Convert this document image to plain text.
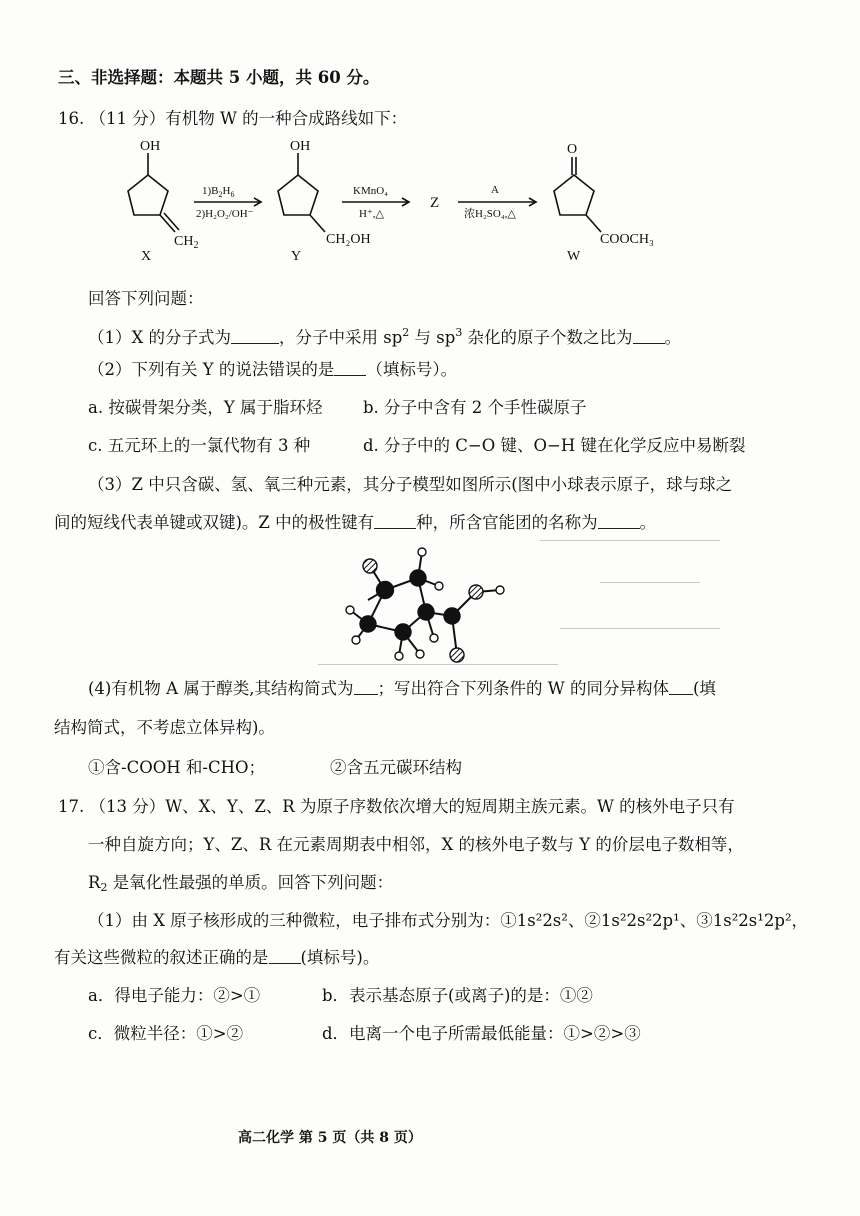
三、非选择题：本题共 5 小题，共 60 分。
16. （11 分）有机物 W 的一种合成路线如下：
OH
$CH_2$
X
$1)B_2H_6$
2)H₂O₂/OH⁻
OH
CH₂OH
Y
KMnO₄
H⁺,△
Z
A
浓H₂SO₄,△
O
COOCH₃
W
回答下列问题：
（1）X 的分子式为	，分子中采用 $sp^2$ 与 $sp^3$ 杂化的原子个数之比为 。
（2）下列有关 Y 的说法错误的是 （填标号）。
a. 按碳骨架分类，Y 属于脂环烃 b. 分子中含有 2 个手性碳原子
c. 五元环上的一氯代物有 3 种	d. 分子中的 C−O 键、O−H 键在化学反应中易断裂
（3）Z 中只含碳、氢、氧三种元素，其分子模型如图所示(图中小球表示原子，球与球之
间的短线代表单键或双键)。Z 中的极性键有	种，所含官能团的名称为	。
(4)有机物 A 属于醇类,其结构简式为 ；写出符合下列条件的 W 的同分异构体 (填
结构简式，不考虑立体异构)。
①含-COOH 和-CHO；	②含五元碳环结构
17. （13 分）W、X、Y、Z、R 为原子序数依次增大的短周期主族元素。W 的核外电子只有
一种自旋方向；Y、Z、R 在元素周期表中相邻，X 的核外电子数与 Y 的价层电子数相等，
$R_2$ 是氧化性最强的单质。回答下列问题：
（1）由 X 原子核形成的三种微粒，电子排布式分别为：①1s²2s²、②1s²2s²2p¹、③1s²2s¹2p²，
有关这些微粒的叙述正确的是 (填标号)。
a．得电子能力：②>①	b．表示基态原子(或离子)的是：①②
c．微粒半径：①>②	d．电离一个电子所需最低能量：①>②>③
高二化学 第 5 页（共 8 页）
